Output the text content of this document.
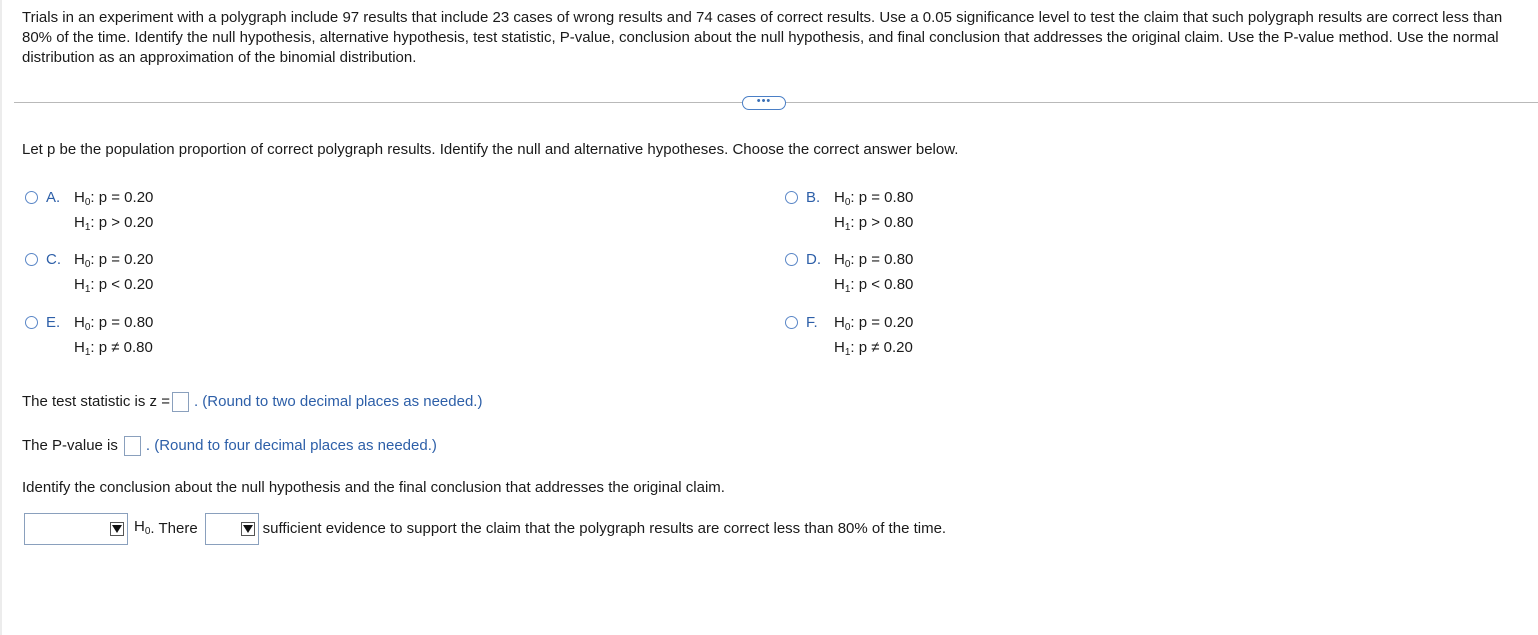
Trials in an experiment with a polygraph include 97 results that include 23 cases of wrong results and 74 cases of correct results. Use a 0.05 significance level to test the claim that such polygraph results are correct less than 80% of the time. Identify the null hypothesis, alternative hypothesis, test statistic, P-value, conclusion about the null hypothesis, and final conclusion that addresses the original claim. Use the P-value method. Use the normal distribution as an approximation of the binomial distribution.
•••
Let p be the population proportion of correct polygraph results. Identify the null and alternative hypotheses. Choose the correct answer below.
A. $H_0$: p = 0.20
$H_1$: p > 0.20
B. $H_0$: p = 0.80
$H_1$: p > 0.80
C. $H_0$: p = 0.20
$H_1$: p < 0.20
D. $H_0$: p = 0.80
$H_1$: p < 0.80
E. $H_0$: p = 0.80
$H_1$: p ≠ 0.80
F.	$H_0$: p = 0.20
$H_1$: p ≠ 0.20
The test statistic is z = . (Round to two decimal places as needed.)
The P-value is . (Round to four decimal places as needed.)
Identify the conclusion about the null hypothesis and the final conclusion that addresses the original claim.
$H_0$ . There	sufficient evidence to support the claim that the polygraph results are correct less than 80% of the time.
